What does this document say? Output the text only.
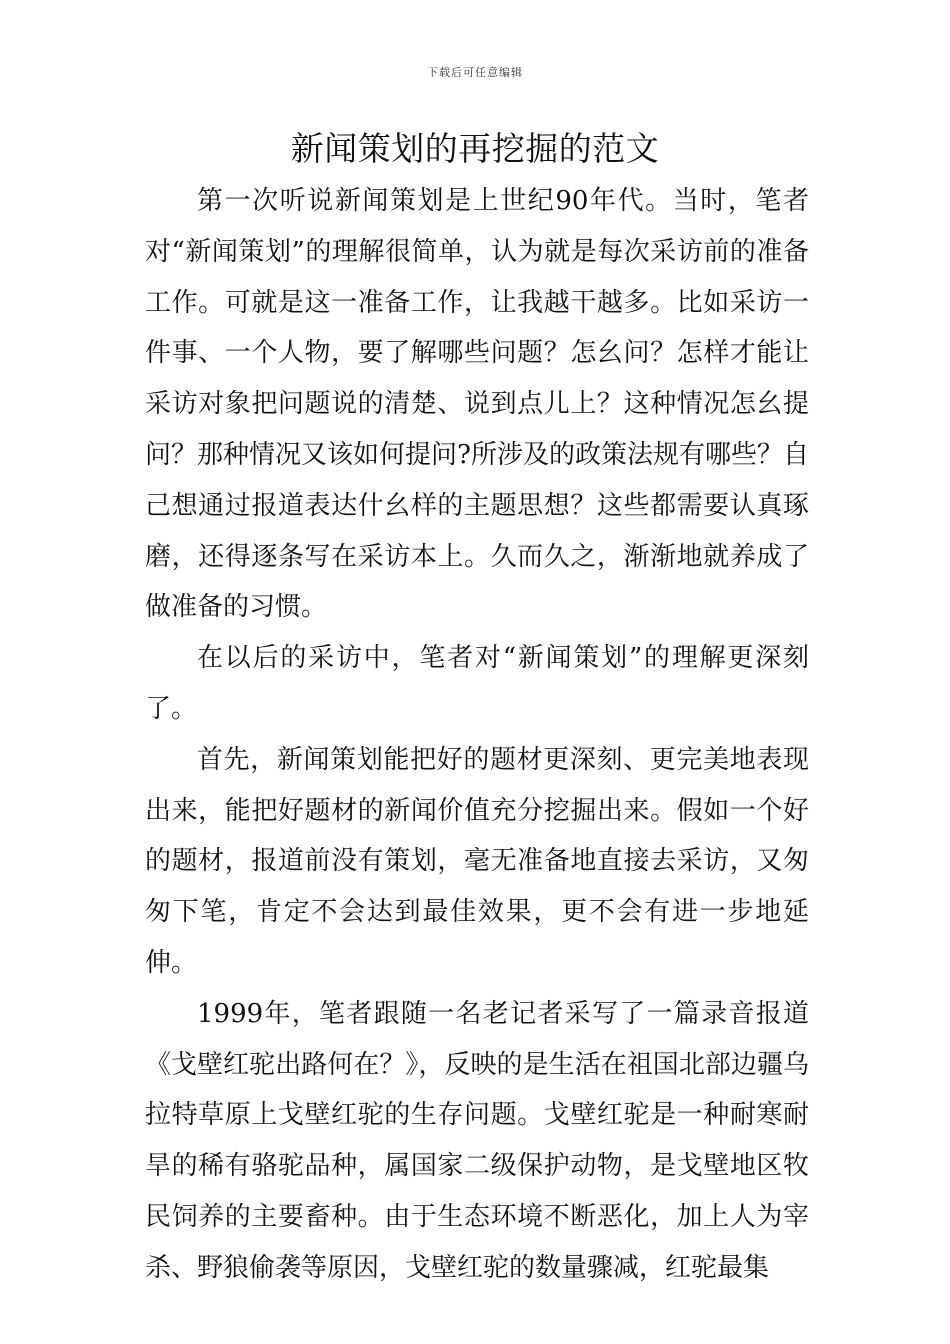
下载后可任意编辑
新闻策划的再挖掘的范文

第一次听说新闻策划是上世纪90年代。当时，笔者对“新闻策划”的理解很简单，认为就是每次采访前的准备工作。可就是这一准备工作，让我越干越多。比如采访一件事、一个人物，要了解哪些问题？怎幺问？怎样才能让采访对象把问题说的清楚、说到点儿上？这种情况怎幺提问？那种情况又该如何提问?所涉及的政策法规有哪些？自己想通过报道表达什幺样的主题思想？这些都需要认真琢磨，还得逐条写在采访本上。久而久之，渐渐地就养成了做准备的习惯。

在以后的采访中，笔者对“新闻策划”的理解更深刻了。

首先，新闻策划能把好的题材更深刻、更完美地表现出来，能把好题材的新闻价值充分挖掘出来。假如一个好的题材，报道前没有策划，毫无准备地直接去采访，又匆匆下笔，肯定不会达到最佳效果，更不会有进一步地延伸。

1999年，笔者跟随一名老记者采写了一篇录音报道《戈壁红驼出路何在？》，反映的是生活在祖国北部边疆乌拉特草原上戈壁红驼的生存问题。戈壁红驼是一种耐寒耐旱的稀有骆驼品种，属国家二级保护动物，是戈壁地区牧民饲养的主要畜种。由于生态环境不断恶化，加上人为宰杀、野狼偷袭等原因，戈壁红驼的数量骤减，红驼最集
